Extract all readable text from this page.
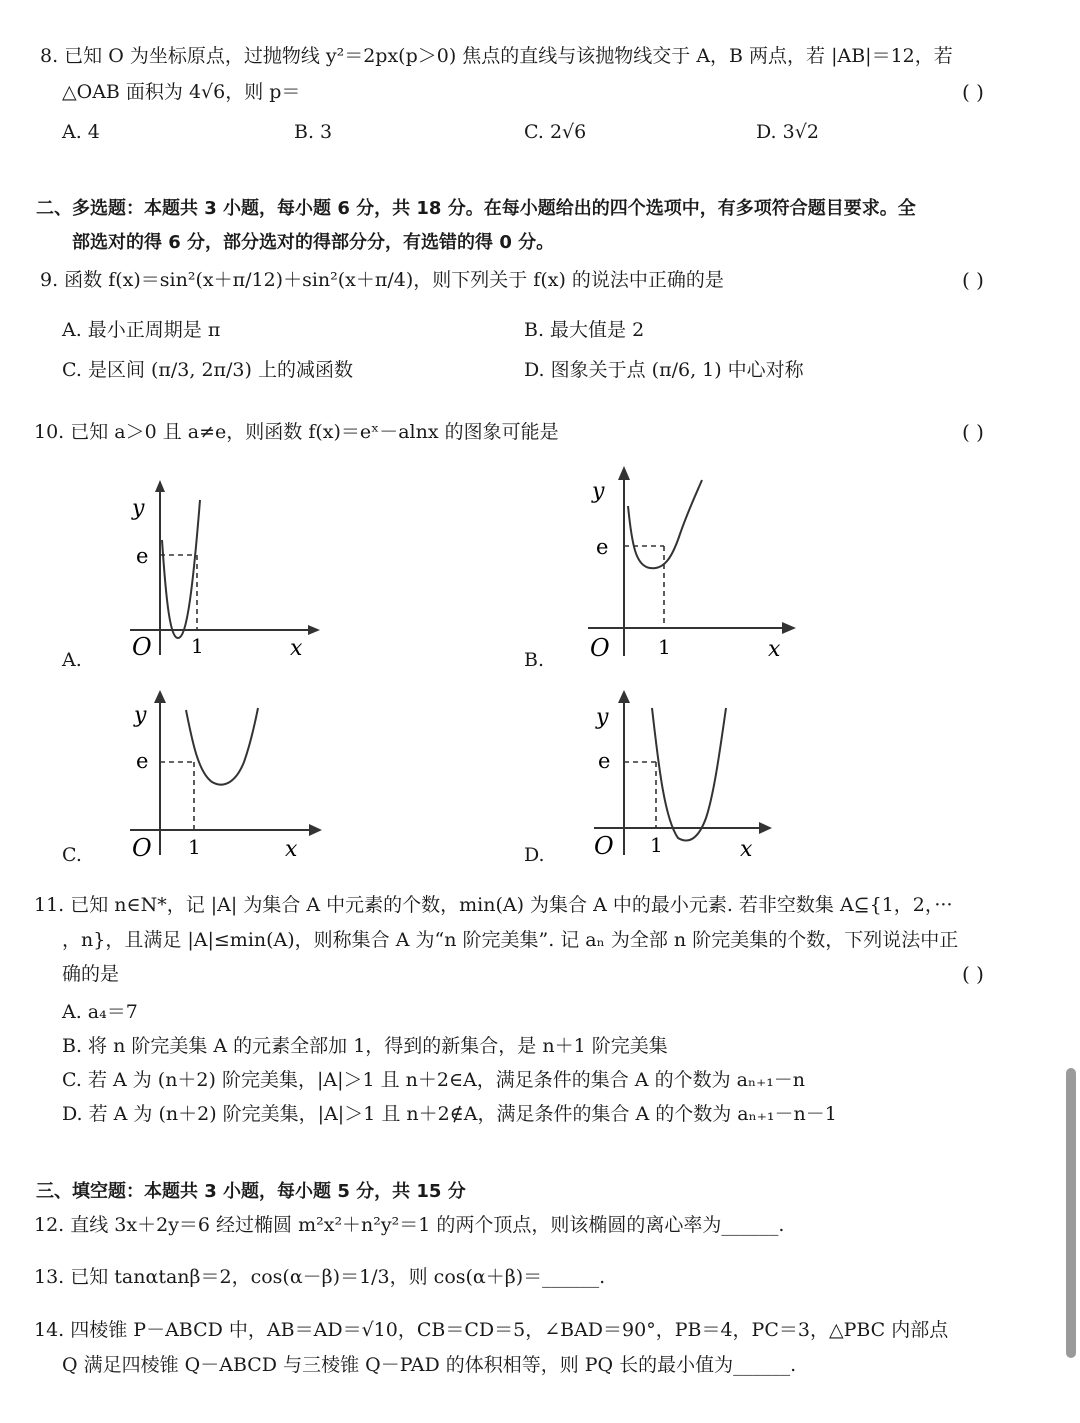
8. 已知 O 为坐标原点，过抛物线 y²＝2px(p＞0) 焦点的直线与该抛物线交于 A，B 两点，若 |AB|＝12，若
△OAB 面积为 4√6，则 p＝	( )
A. 4	B. 3	C. 2√6	D. 3√2
二、多选题：本题共 3 小题，每小题 6 分，共 18 分。在每小题给出的四个选项中，有多项符合题目要求。全
部选对的得 6 分，部分选对的得部分分，有选错的得 0 分。
9. 函数 f(x)＝sin²(x＋π/12)＋sin²(x＋π/4)，则下列关于 f(x) 的说法中正确的是	( )
A. 最小正周期是 π	B. 最大值是 2
C. 是区间 (π/3, 2π/3) 上的减函数	D. 图象关于点 (π/6, 1) 中心对称
10. 已知 a＞0 且 a≠e，则函数 f(x)＝eˣ－alnx 的图象可能是	( )
A.
y
e
O 1	x	B.
y
e
O 1	x
C.
y
e
O 1	x	D.
y
e
O 1	x
11. 已知 n∈N*，记 |A| 为集合 A 中元素的个数，min(A) 为集合 A 中的最小元素. 若非空数集 A⊆{1，2，···
，n}，且满足 |A|≤min(A)，则称集合 A 为“n 阶完美集”. 记 aₙ 为全部 n 阶完美集的个数，下列说法中正
确的是	( )
A. a₄＝7
B. 将 n 阶完美集 A 的元素全部加 1，得到的新集合，是 n＋1 阶完美集
C. 若 A 为 (n＋2) 阶完美集，|A|＞1 且 n＋2∈A，满足条件的集合 A 的个数为 aₙ₊₁－n
D. 若 A 为 (n＋2) 阶完美集，|A|＞1 且 n＋2∉A，满足条件的集合 A 的个数为 aₙ₊₁－n－1
三、填空题：本题共 3 小题，每小题 5 分，共 15 分
12. 直线 3x＋2y＝6 经过椭圆 m²x²＋n²y²＝1 的两个顶点，则该椭圆的离心率为______.
13. 已知 tanαtanβ＝2，cos(α－β)＝1/3，则 cos(α＋β)＝______.
14. 四棱锥 P－ABCD 中，AB＝AD＝√10，CB＝CD＝5，∠BAD＝90°，PB＝4，PC＝3，△PBC 内部点
Q 满足四棱锥 Q－ABCD 与三棱锥 Q－PAD 的体积相等，则 PQ 长的最小值为______.
